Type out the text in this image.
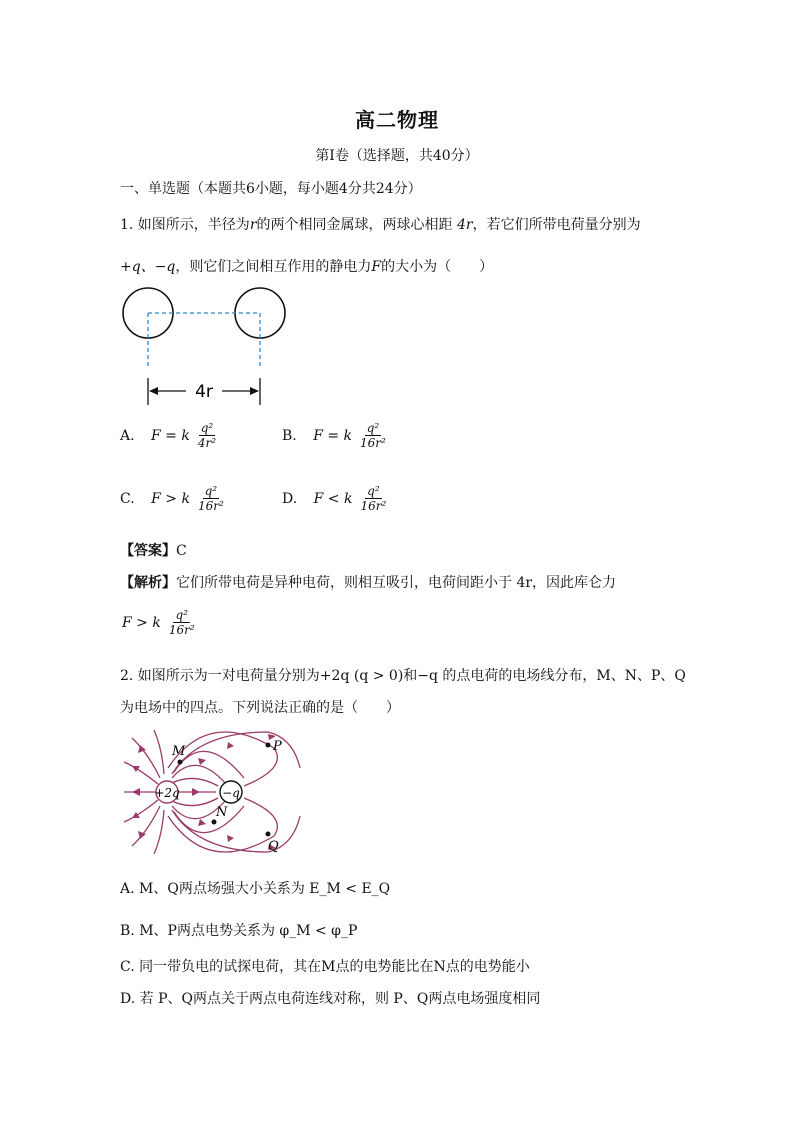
高二物理
第Ⅰ卷（选择题，共40分）
一、单选题（本题共6小题，每小题4分共24分）
1. 如图所示，半径为r的两个相同金属球，两球心相距 4r，若它们所带电荷量分别为
+q、−q，则它们之间相互作用的静电力F的大小为（　　）
4r
A.
F = k $\frac{\text{q²}}{\text{4r²}}$	B.
F = k $\frac{\text{q²}}{\text{16r²}}$
C.
F > k $\frac{\text{q²}}{\text{16r²}}$	D.
F < k $\frac{\text{q²}}{\text{16r²}}$
【答案】C
【解析】它们所带电荷是异种电荷，则相互吸引，电荷间距小于 4r，因此库仑力
F > k $\frac{\text{q²}}{\text{16r²}}$
2. 如图所示为一对电荷量分别为+2q (q > 0)和−q 的点电荷的电场线分布，M、N、P、Q
为电场中的四点。下列说法正确的是（　　）
+2q	−q
M	P
N
Q
A. M、Q两点场强大小关系为 E_M < E_Q
B. M、P两点电势关系为 φ_M < φ_P
C. 同一带负电的试探电荷，其在M点的电势能比在N点的电势能小
D. 若 P、Q两点关于两点电荷连线对称，则 P、Q两点电场强度相同
